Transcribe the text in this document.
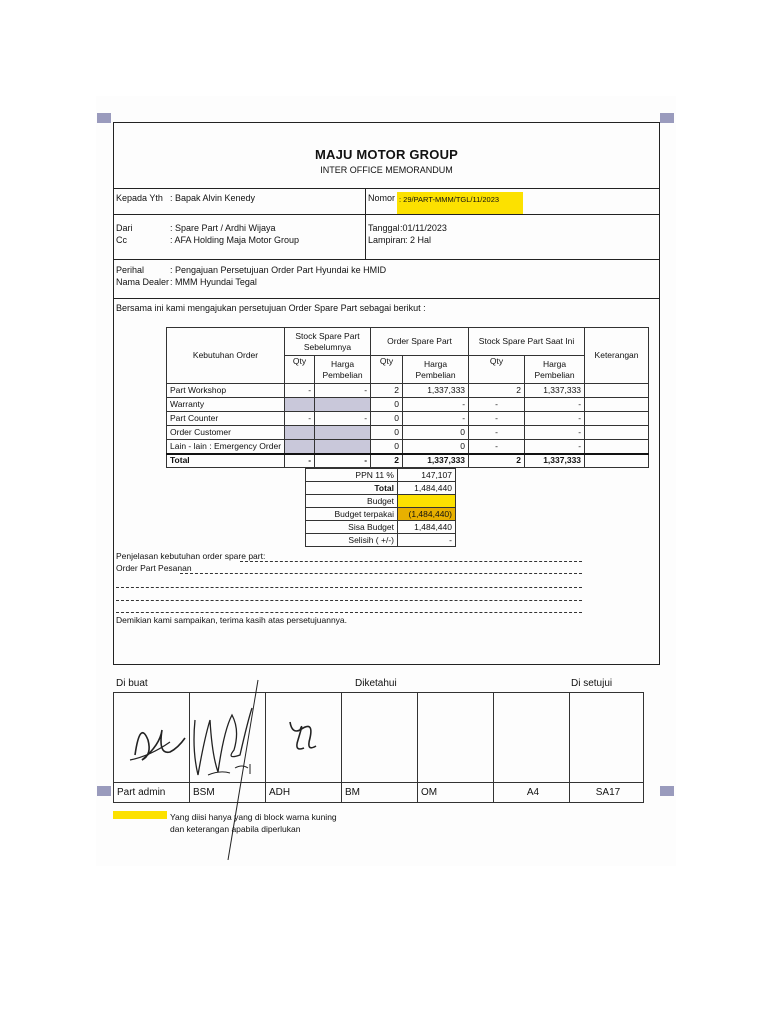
MAJU MOTOR GROUP
INTER OFFICE MEMORANDUM
Kepada Yth : Bapak Alvin Kenedy	Nomor : 29/PART-MMM/TGL/11/2023
Dari	: Spare Part / Ardhi Wijaya
Cc	: AFA Holding Maja Motor Group
Tanggal :01/11/2023
Lampiran : 2 Hal
Perihal	: Pengajuan Persetujuan Order Part Hyundai ke HMID
Nama Dealer : MMM Hyundai Tegal
Bersama ini kami mengajukan persetujuan Order Spare Part sebagai berikut :
Kebutuhan Order	Stock Spare Part Sebelumnya		Order Spare Part		Stock Spare Part Saat Ini		Keterangan
	Qty	Harga Pembelian	Qty	Harga Pembelian	Qty	Harga Pembelian	
Part Workshop	-	-	2	1,337,333	2	1,337,333	
Warranty			0	-	-	-	
Part Counter	-	-	0	-	-	-	
Order Customer			0	0	-	-	
Lain - lain : Emergency Order			0	0	-	-	
Total	-	-	2	1,337,333	2	1,337,333	
PPN 11 %	147,107
Total	1,484,440
Budget	
Budget terpakai	(1,484,440)
Sisa Budget	1,484,440
Selisih ( +/-)	-
Penjelasan kebutuhan order spare part:
Order Part Pesanan
Demikian kami sampaikan, terima kasih atas persetujuannya.
Di buat	Diketahui	Di setujui

Part admin	BSM	ADH	BM	OM	A4	SA17
Yang diisi hanya yang di block warna kuning
dan keterangan apabila diperlukan
